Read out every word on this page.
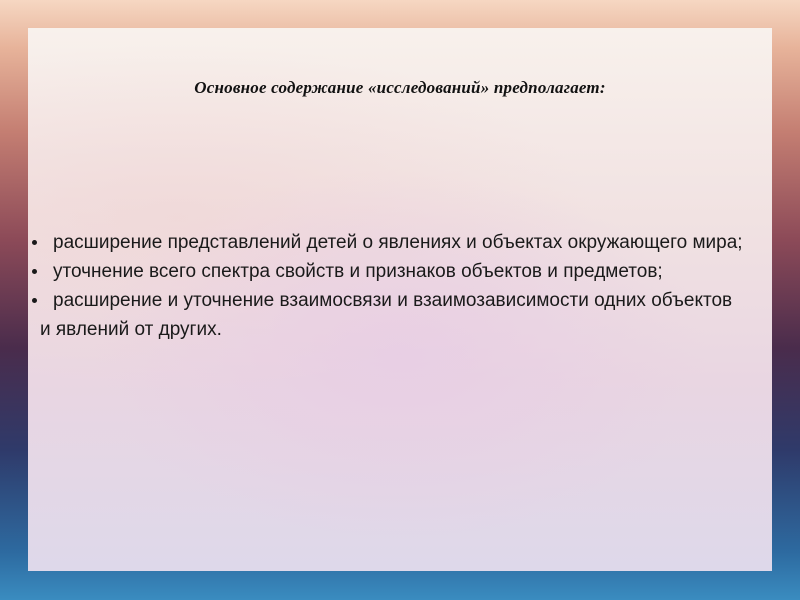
Основное содержание «исследований» предполагает:
расширение представлений детей о явлениях и объектах окружающего мира;
уточнение всего спектра свойств и признаков объектов и предметов;
расширение и уточнение взаимосвязи и взаимозависимости одних объектов и явлений от других.
